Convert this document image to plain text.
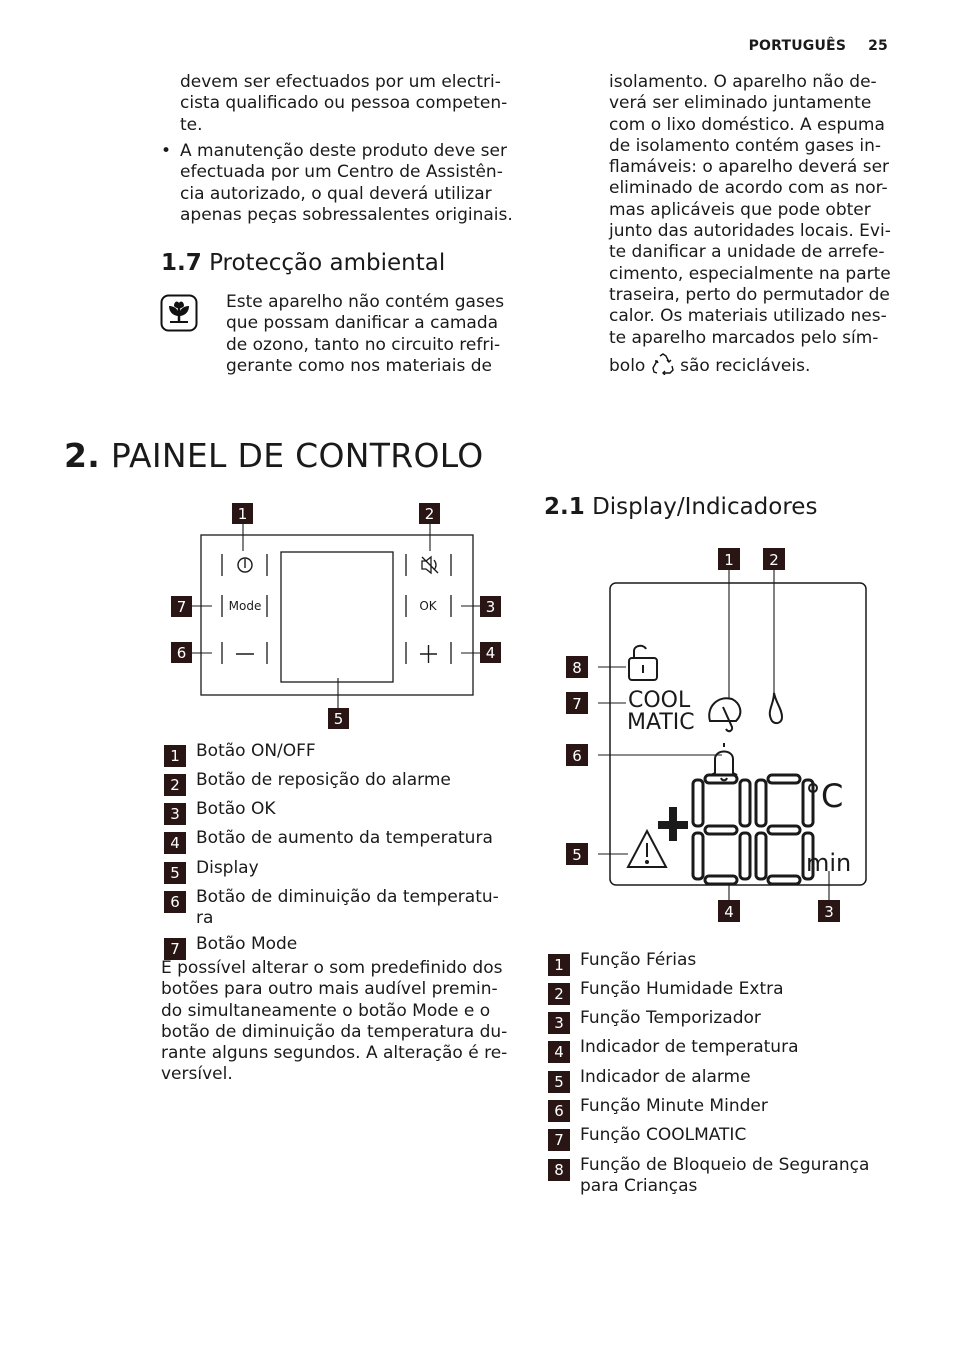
PORTUGUÊS 25
devem ser efectuados por um electri-
cista qualificado ou pessoa competen-
te.
• A manutenção deste produto deve ser
efectuada por um Centro de Assistên-
cia autorizado, o qual deverá utilizar
apenas peças sobressalentes originais.
1.7 Protecção ambiental
Este aparelho não contém gases
que possam danificar a camada
de ozono, tanto no circuito refri-
gerante como nos materiais de
isolamento. O aparelho não de-
verá ser eliminado juntamente
com o lixo doméstico. A espuma
de isolamento contém gases in-
flamáveis: o aparelho deverá ser
eliminado de acordo com as nor-
mas aplicáveis que pode obter
junto das autoridades locais. Evi-
te danificar a unidade de arrefe-
cimento, especialmente na parte
traseira, perto do permutador de
calor. Os materiais utilizado nes-
te aparelho marcados pelo sím-
bolo são recicláveis.
2. PAINEL DE CONTROLO
Mode	OK
1	2
3
4
5
6
7
1 Botão ON/OFF
2 Botão de reposição do alarme
3 Botão OK
4 Botão de aumento da temperatura
5 Display
6 Botão de diminuição da temperatu-
ra
7 Botão Mode
É possível alterar o som predefinido dos
botões para outro mais audível premin-
do simultaneamente o botão Mode e o
botão de diminuição da temperatura du-
rante alguns segundos. A alteração é re-
versível.
2.1 Display/Indicadores
COOL
MATIC
°C
min
1 2
3
4
5
6
7
8
1 Função Férias
2 Função Humidade Extra
3 Função Temporizador
4 Indicador de temperatura
5 Indicador de alarme
6 Função Minute Minder
7 Função COOLMATIC
8 Função de Bloqueio de Segurança
para Crianças
